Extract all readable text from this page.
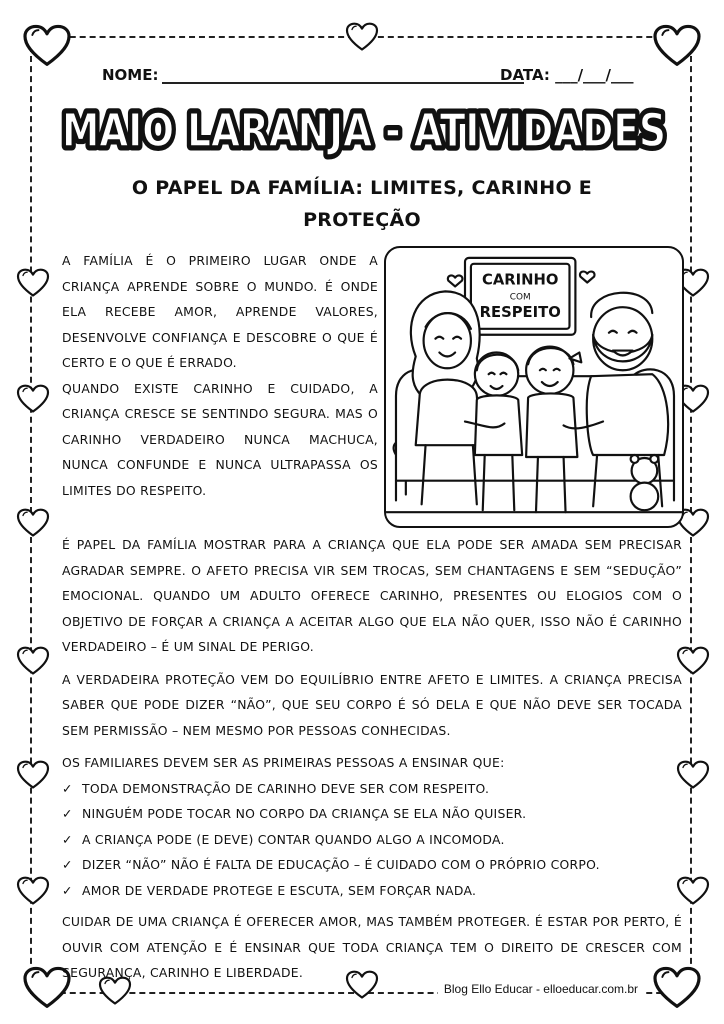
NOME:	DATA: ___/___/___
MAIO LARANJA - ATIVIDADES
MAIO LARANJA - ATIVIDADES
O PAPEL DA FAMÍLIA: LIMITES, CARINHO E PROTEÇÃO

A FAMÍLIA É O PRIMEIRO LUGAR ONDE A CRIANÇA APRENDE SOBRE O MUNDO. É ONDE ELA RECEBE AMOR, APRENDE VALORES, DESENVOLVE CONFIANÇA E DESCOBRE O QUE É CERTO E O QUE É ERRADO.

QUANDO EXISTE CARINHO E CUIDADO, A CRIANÇA CRESCE SE SENTINDO SEGURA. MAS O CARINHO VERDADEIRO NUNCA MACHUCA, NUNCA CONFUNDE E NUNCA ULTRAPASSA OS LIMITES DO RESPEITO.

CARINHO
COM
RESPEITO

É PAPEL DA FAMÍLIA MOSTRAR PARA A CRIANÇA QUE ELA PODE SER AMADA SEM PRECISAR AGRADAR SEMPRE. O AFETO PRECISA VIR SEM TROCAS, SEM CHANTAGENS E SEM “SEDUÇÃO” EMOCIONAL. QUANDO UM ADULTO OFERECE CARINHO, PRESENTES OU ELOGIOS COM O OBJETIVO DE FORÇAR A CRIANÇA A ACEITAR ALGO QUE ELA NÃO QUER, ISSO NÃO É CARINHO VERDADEIRO – É UM SINAL DE PERIGO.

A VERDADEIRA PROTEÇÃO VEM DO EQUILÍBRIO ENTRE AFETO E LIMITES. A CRIANÇA PRECISA SABER QUE PODE DIZER “NÃO”, QUE SEU CORPO É SÓ DELA E QUE NÃO DEVE SER TOCADA SEM PERMISSÃO – NEM MESMO POR PESSOAS CONHECIDAS.

OS FAMILIARES DEVEM SER AS PRIMEIRAS PESSOAS A ENSINAR QUE:

✓ TODA DEMONSTRAÇÃO DE CARINHO DEVE SER COM RESPEITO.
✓ NINGUÉM PODE TOCAR NO CORPO DA CRIANÇA SE ELA NÃO QUISER.
✓ A CRIANÇA PODE (E DEVE) CONTAR QUANDO ALGO A INCOMODA.
✓ DIZER “NÃO” NÃO É FALTA DE EDUCAÇÃO – É CUIDADO COM O PRÓPRIO CORPO.
✓ AMOR DE VERDADE PROTEGE E ESCUTA, SEM FORÇAR NADA.

CUIDAR DE UMA CRIANÇA É OFERECER AMOR, MAS TAMBÉM PROTEGER. É ESTAR POR PERTO, É OUVIR COM ATENÇÃO E É ENSINAR QUE TODA CRIANÇA TEM O DIREITO DE CRESCER COM SEGURANÇA, CARINHO E LIBERDADE.

Blog Ello Educar - elloeducar.com.br
